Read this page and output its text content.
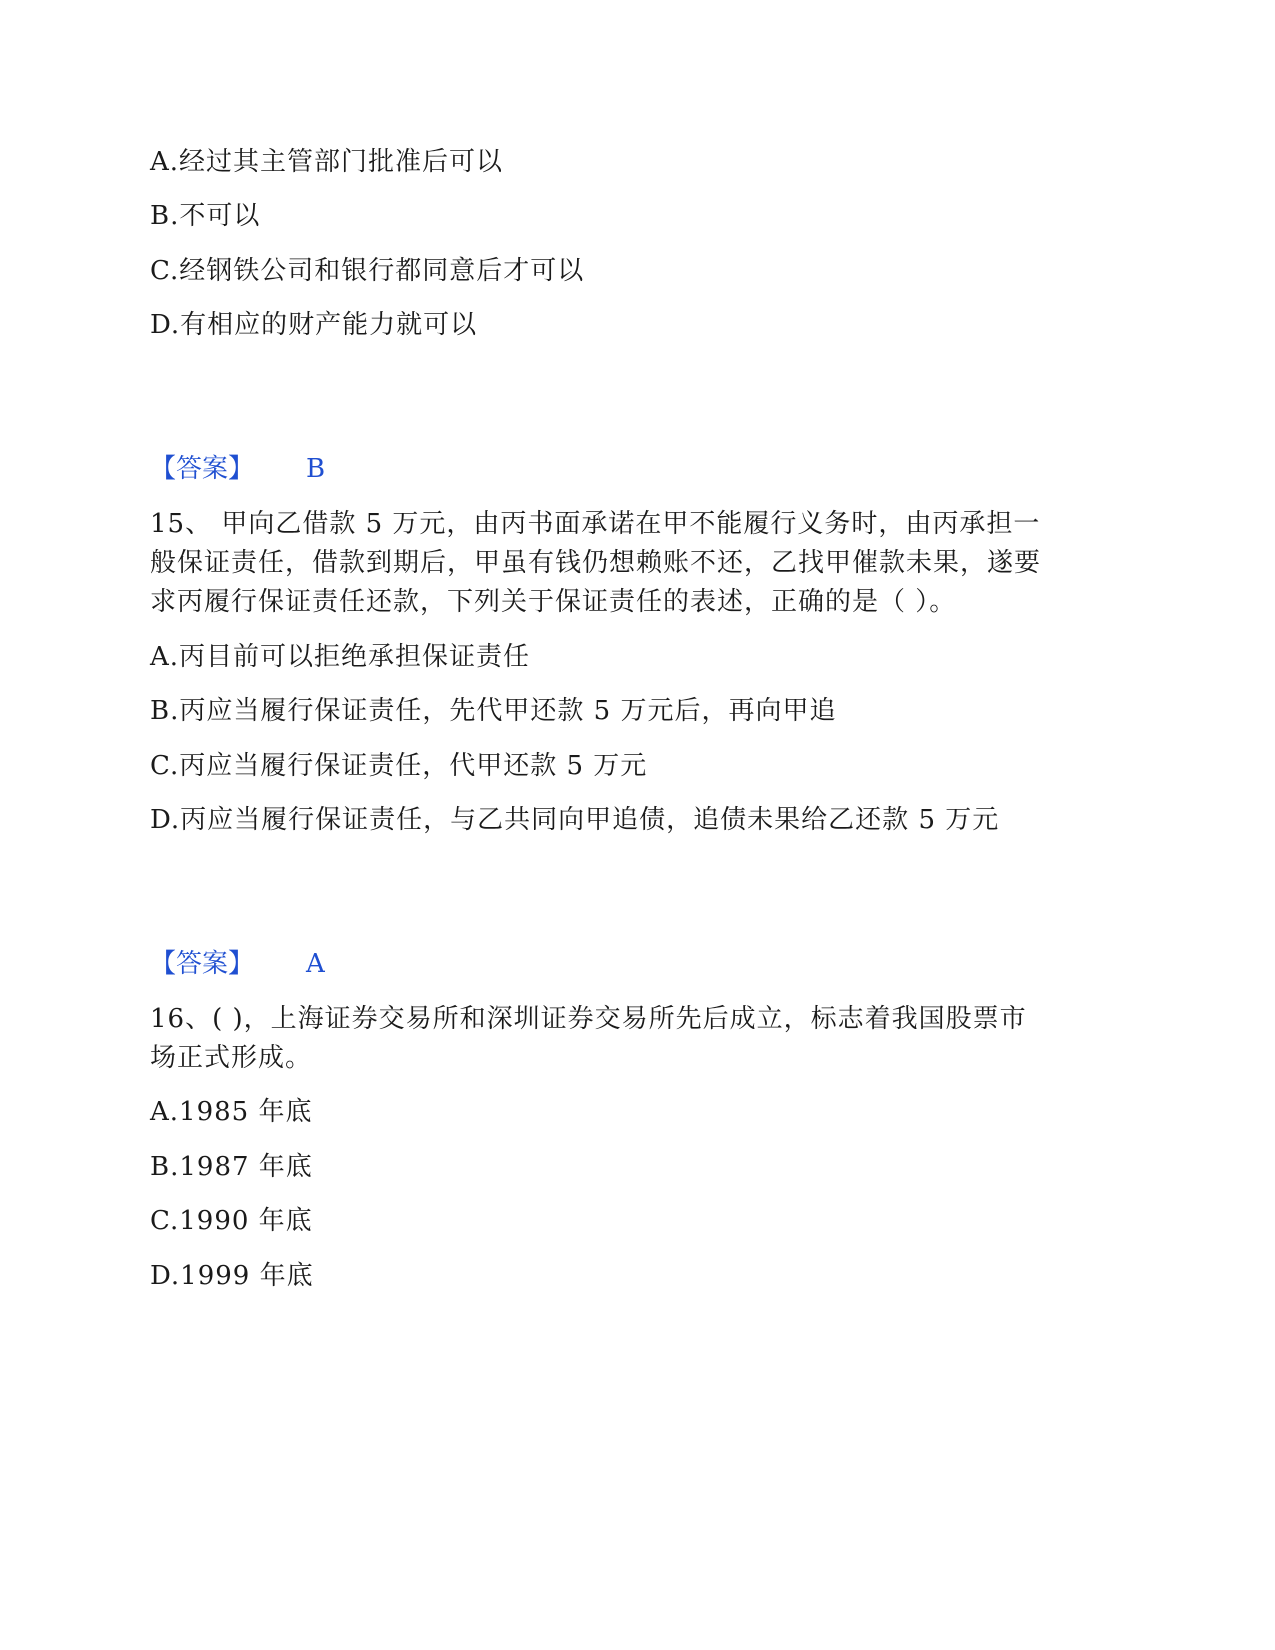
A.经过其主管部门批准后可以
B.不可以
C.经钢铁公司和银行都同意后才可以
D.有相应的财产能力就可以
【答案】 B
15、 甲向乙借款 5 万元，由丙书面承诺在甲不能履行义务时，由丙承担一
般保证责任，借款到期后，甲虽有钱仍想赖账不还，乙找甲催款未果，遂要
求丙履行保证责任还款，下列关于保证责任的表述，正确的是（ ）。
A.丙目前可以拒绝承担保证责任
B.丙应当履行保证责任，先代甲还款 5 万元后，再向甲追
C.丙应当履行保证责任，代甲还款 5 万元
D.丙应当履行保证责任，与乙共同向甲追债，追债未果给乙还款 5 万元
【答案】 A
16、( )，上海证券交易所和深圳证券交易所先后成立，标志着我国股票市
场正式形成。
A.1985 年底
B.1987 年底
C.1990 年底
D.1999 年底
